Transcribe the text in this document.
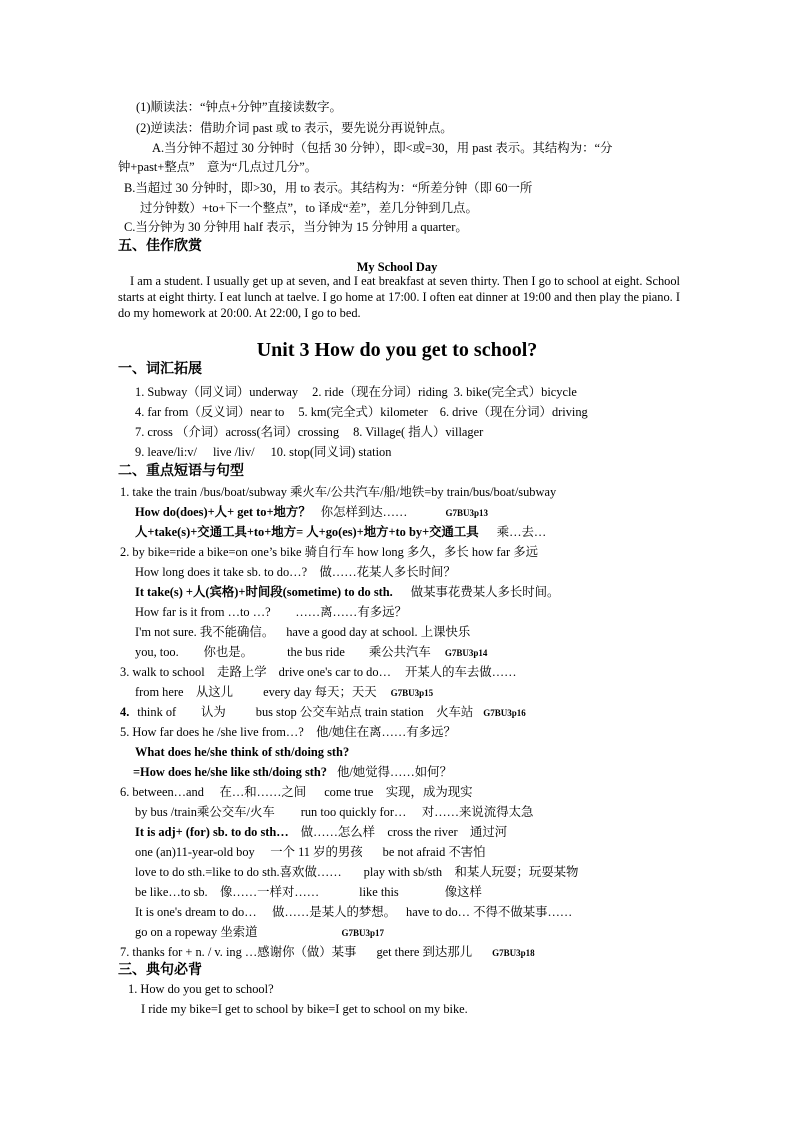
(1)顺读法：“钟点+分钟”直接读数字。
(2)逆读法：借助介词 past 或 to 表示，要先说分再说钟点。
A.当分钟不超过 30 分钟时（包括 30 分钟），即<或=30，用 past 表示。其结构为：“分
钟+past+整点”　意为“几点过几分”。
B.当超过 30 分钟时，即>30，用 to 表示。其结构为：“所差分钟（即 60一所
过分钟数）+to+下一个整点”，to 译成“差”，差几分钟到几点。
C.当分钟为 30 分钟用 half 表示，当分钟为 15 分钟用 a quarter。
五、佳作欣赏
My School Day
I am a student. I usually get up at seven, and I eat breakfast at seven thirty. Then I go to school at eight. School starts at eight thirty. I eat lunch at taelve. I go home at 17:00. I often eat dinner at 19:00 and then play the piano. I do my homework at 20:00. At 22:00, I go to bed.
Unit 3 How do you get to school?
一、词汇拓展
1. Subway（同义词）underway 2. ride（现在分词）riding 3. bike(完全式）bicycle
4. far from（反义词）near to 5. km(完全式）kilometer 6. drive（现在分词）driving
7. cross （介词）across(名词）crossing 8. Village( 指人）villager
9. leave/li:v/ live /liv/ 10. stop(同义词) station
二、重点短语与句型
1. take the train /bus/boat/subway 乘火车/公共汽车/船/地铁=by train/bus/boat/subway
How do(does)+人+ get to+地方？ 你怎样到达……	G7BU3p13
人+take(s)+交通工具+to+地方= 人+go(es)+地方+to by+交通工具 乘…去…
2. by bike=ride a bike=on one’s bike 骑自行车 how long 多久，多长 how far 多远
How long does it take sb. to do…?　做……花某人多长时间？
It take(s) +人(宾格)+时间段(sometime) to do sth. 做某事花费某人多长时间。
How far is it from …to …?　　……离……有多远？
I'm not sure. 我不能确信。 have a good day at school. 上课快乐
you, too.　　你也是。	the bus ride 乘公共汽车 G7BU3p14
3. walk to school　走路上学 drive one's car to do… 开某人的车去做……
from here　从这儿 every day 每天；天天 G7BU3p15
4. think of　　认为 bus stop 公交车站点 train station　火车站 G7BU3p16
5. How far does he /she live from…?　他/她住在离……有多远？
What does he/she think of sth/doing sth?
=How does he/she like sth/doing sth? 他/她觉得……如何？
6. between…and　 在…和……之间 come true　实现，成为现实
by bus /train乘公交车/火车 run too quickly for…　 对……来说流得太急
It is adj+ (for) sb. to do sth… 做……怎么样　cross the river　通过河
one (an)11-year-old boy　 一个 11 岁的男孩 be not afraid 不害怕
love to do sth.=like to do sth.喜欢做…… play with sb/sth　和某人玩耍；玩耍某物
be like…to sb.　像……一样对……	like this	像这样
It is one's dream to do…　 做……是某人的梦想。 have to do… 不得不做某事……
go on a ropeway 坐索道	G7BU3p17
7. thanks for + n. / v. ing …感谢你（做）某事 get there 到达那儿 G7BU3p18
三、典句必背
1. How do you get to school?
I ride my bike=I get to school by bike=I get to school on my bike.
